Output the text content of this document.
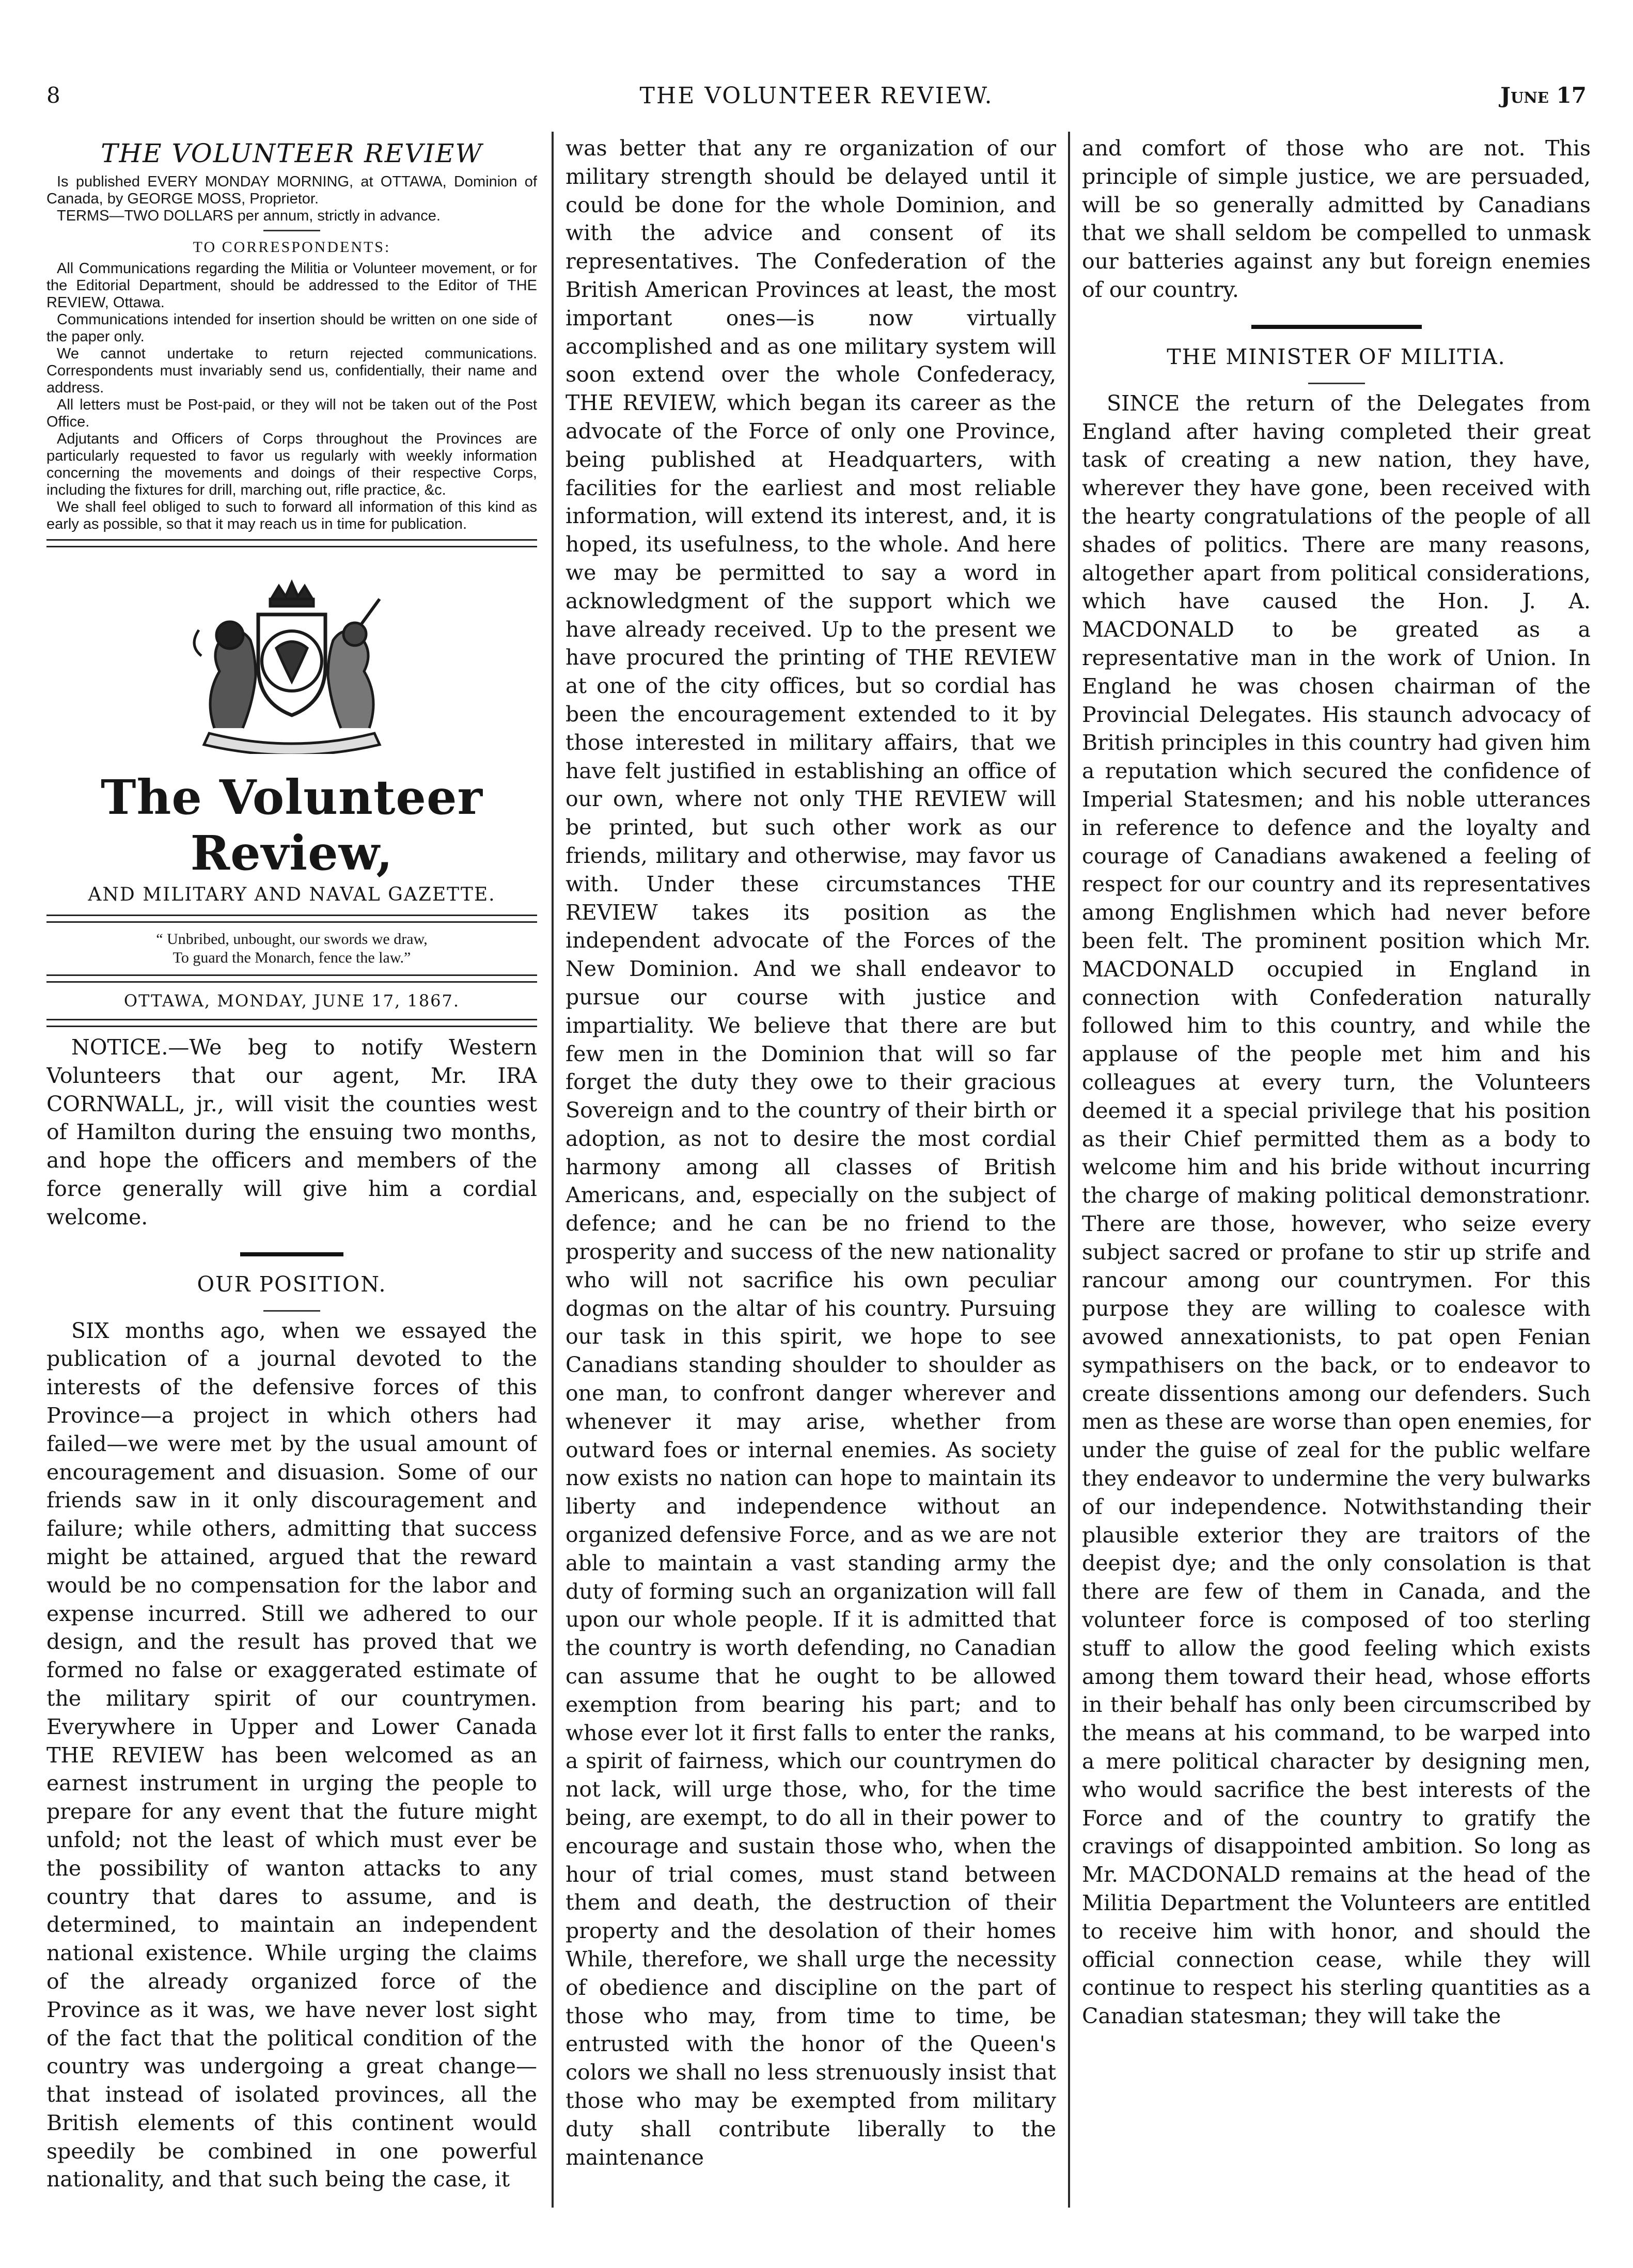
8	THE VOLUNTEER REVIEW.	June 17
THE VOLUNTEER REVIEW

Is published EVERY MONDAY MORNING, at OTTAWA, Dominion of Canada, by GEORGE MOSS, Proprietor.

TERMS—TWO DOLLARS per annum, strictly in advance.

TO CORRESPONDENTS:

All Communications regarding the Militia or Volunteer movement, or for the Editorial Department, should be addressed to the Editor of THE REVIEW, Ottawa.

Communications intended for insertion should be written on one side of the paper only.

We cannot undertake to return rejected communications. Correspondents must invariably send us, confidentially, their name and address.

All letters must be Post-paid, or they will not be taken out of the Post Office.

Adjutants and Officers of Corps throughout the Provinces are particularly requested to favor us regularly with weekly information concerning the movements and doings of their respective Corps, including the fixtures for drill, marching out, rifle practice, &c.

We shall feel obliged to such to forward all information of this kind as early as possible, so that it may reach us in time for publication.

The Volunteer Review,
AND MILITARY AND NAVAL GAZETTE.
“ Unbribed, unbought, our swords we draw,
To guard the Monarch, fence the law.”
OTTAWA, MONDAY, JUNE 17, 1867.

NOTICE.—We beg to notify Western Volunteers that our agent, Mr. IRA CORNWALL, jr., will visit the counties west of Hamilton during the ensuing two months, and hope the officers and members of the force generally will give him a cordial welcome.

OUR POSITION.

SIX months ago, when we essayed the publication of a journal devoted to the interests of the defensive forces of this Province—a project in which others had failed—we were met by the usual amount of encouragement and disuasion. Some of our friends saw in it only discouragement and failure; while others, admitting that success might be attained, argued that the reward would be no compensation for the labor and expense incurred. Still we adhered to our design, and the result has proved that we formed no false or exaggerated estimate of the military spirit of our countrymen. Everywhere in Upper and Lower Canada THE REVIEW has been welcomed as an earnest instrument in urging the people to prepare for any event that the future might unfold; not the least of which must ever be the possibility of wanton attacks to any country that dares to assume, and is determined, to maintain an independent national existence. While urging the claims of the already organized force of the Province as it was, we have never lost sight of the fact that the political condition of the country was undergoing a great change—that instead of isolated provinces, all the British elements of this continent would speedily be combined in one powerful nationality, and that such being the case, it

was better that any re organization of our military strength should be delayed until it could be done for the whole Dominion, and with the advice and consent of its representatives. The Confederation of the British American Provinces at least, the most important ones—is now virtually accomplished and as one military system will soon extend over the whole Confederacy, THE REVIEW, which began its career as the advocate of the Force of only one Province, being published at Headquarters, with facilities for the earliest and most reliable information, will extend its interest, and, it is hoped, its usefulness, to the whole. And here we may be permitted to say a word in acknowledgment of the support which we have already received. Up to the present we have procured the printing of THE REVIEW at one of the city offices, but so cordial has been the encouragement extended to it by those interested in military affairs, that we have felt justified in establishing an office of our own, where not only THE REVIEW will be printed, but such other work as our friends, military and otherwise, may favor us with. Under these circumstances THE REVIEW takes its position as the independent advocate of the Forces of the New Dominion. And we shall endeavor to pursue our course with justice and impartiality. We believe that there are but few men in the Dominion that will so far forget the duty they owe to their gracious Sovereign and to the country of their birth or adoption, as not to desire the most cordial harmony among all classes of British Americans, and, especially on the subject of defence; and he can be no friend to the prosperity and success of the new nationality who will not sacrifice his own peculiar dogmas on the altar of his country. Pursuing our task in this spirit, we hope to see Canadians standing shoulder to shoulder as one man, to confront danger wherever and whenever it may arise, whether from outward foes or internal enemies. As society now exists no nation can hope to maintain its liberty and independence without an organized defensive Force, and as we are not able to maintain a vast standing army the duty of forming such an organization will fall upon our whole people. If it is admitted that the country is worth defending, no Canadian can assume that he ought to be allowed exemption from bearing his part; and to whose ever lot it first falls to enter the ranks, a spirit of fairness, which our countrymen do not lack, will urge those, who, for the time being, are exempt, to do all in their power to encourage and sustain those who, when the hour of trial comes, must stand between them and death, the destruction of their property and the desolation of their homes While, therefore, we shall urge the necessity of obedience and discipline on the part of those who may, from time to time, be entrusted with the honor of the Queen's colors we shall no less strenuously insist that those who may be exempted from military duty shall contribute liberally to the maintenance

and comfort of those who are not. This principle of simple justice, we are persuaded, will be so generally admitted by Canadians that we shall seldom be compelled to unmask our batteries against any but foreign enemies of our country.

THE MINISTER OF MILITIA.

SINCE the return of the Delegates from England after having completed their great task of creating a new nation, they have, wherever they have gone, been received with the hearty congratulations of the people of all shades of politics. There are many reasons, altogether apart from political considerations, which have caused the Hon. J. A. MACDONALD to be greated as a representative man in the work of Union. In England he was chosen chairman of the Provincial Delegates. His staunch advocacy of British principles in this country had given him a reputation which secured the confidence of Imperial Statesmen; and his noble utterances in reference to defence and the loyalty and courage of Canadians awakened a feeling of respect for our country and its representatives among Englishmen which had never before been felt. The prominent position which Mr. MACDONALD occupied in England in connection with Confederation naturally followed him to this country, and while the applause of the people met him and his colleagues at every turn, the Volunteers deemed it a special privilege that his position as their Chief permitted them as a body to welcome him and his bride without incurring the charge of making political demonstrationr. There are those, however, who seize every subject sacred or profane to stir up strife and rancour among our countrymen. For this purpose they are willing to coalesce with avowed annexationists, to pat open Fenian sympathisers on the back, or to endeavor to create dissentions among our defenders. Such men as these are worse than open enemies, for under the guise of zeal for the public welfare they endeavor to undermine the very bulwarks of our independence. Notwithstanding their plausible exterior they are traitors of the deepist dye; and the only consolation is that there are few of them in Canada, and the volunteer force is composed of too sterling stuff to allow the good feeling which exists among them toward their head, whose efforts in their behalf has only been circumscribed by the means at his command, to be warped into a mere political character by designing men, who would sacrifice the best interests of the Force and of the country to gratify the cravings of disappointed ambition. So long as Mr. MACDONALD remains at the head of the Militia Department the Volunteers are entitled to receive him with honor, and should the official connection cease, while they will continue to respect his sterling quantities as a Canadian statesman; they will take the
